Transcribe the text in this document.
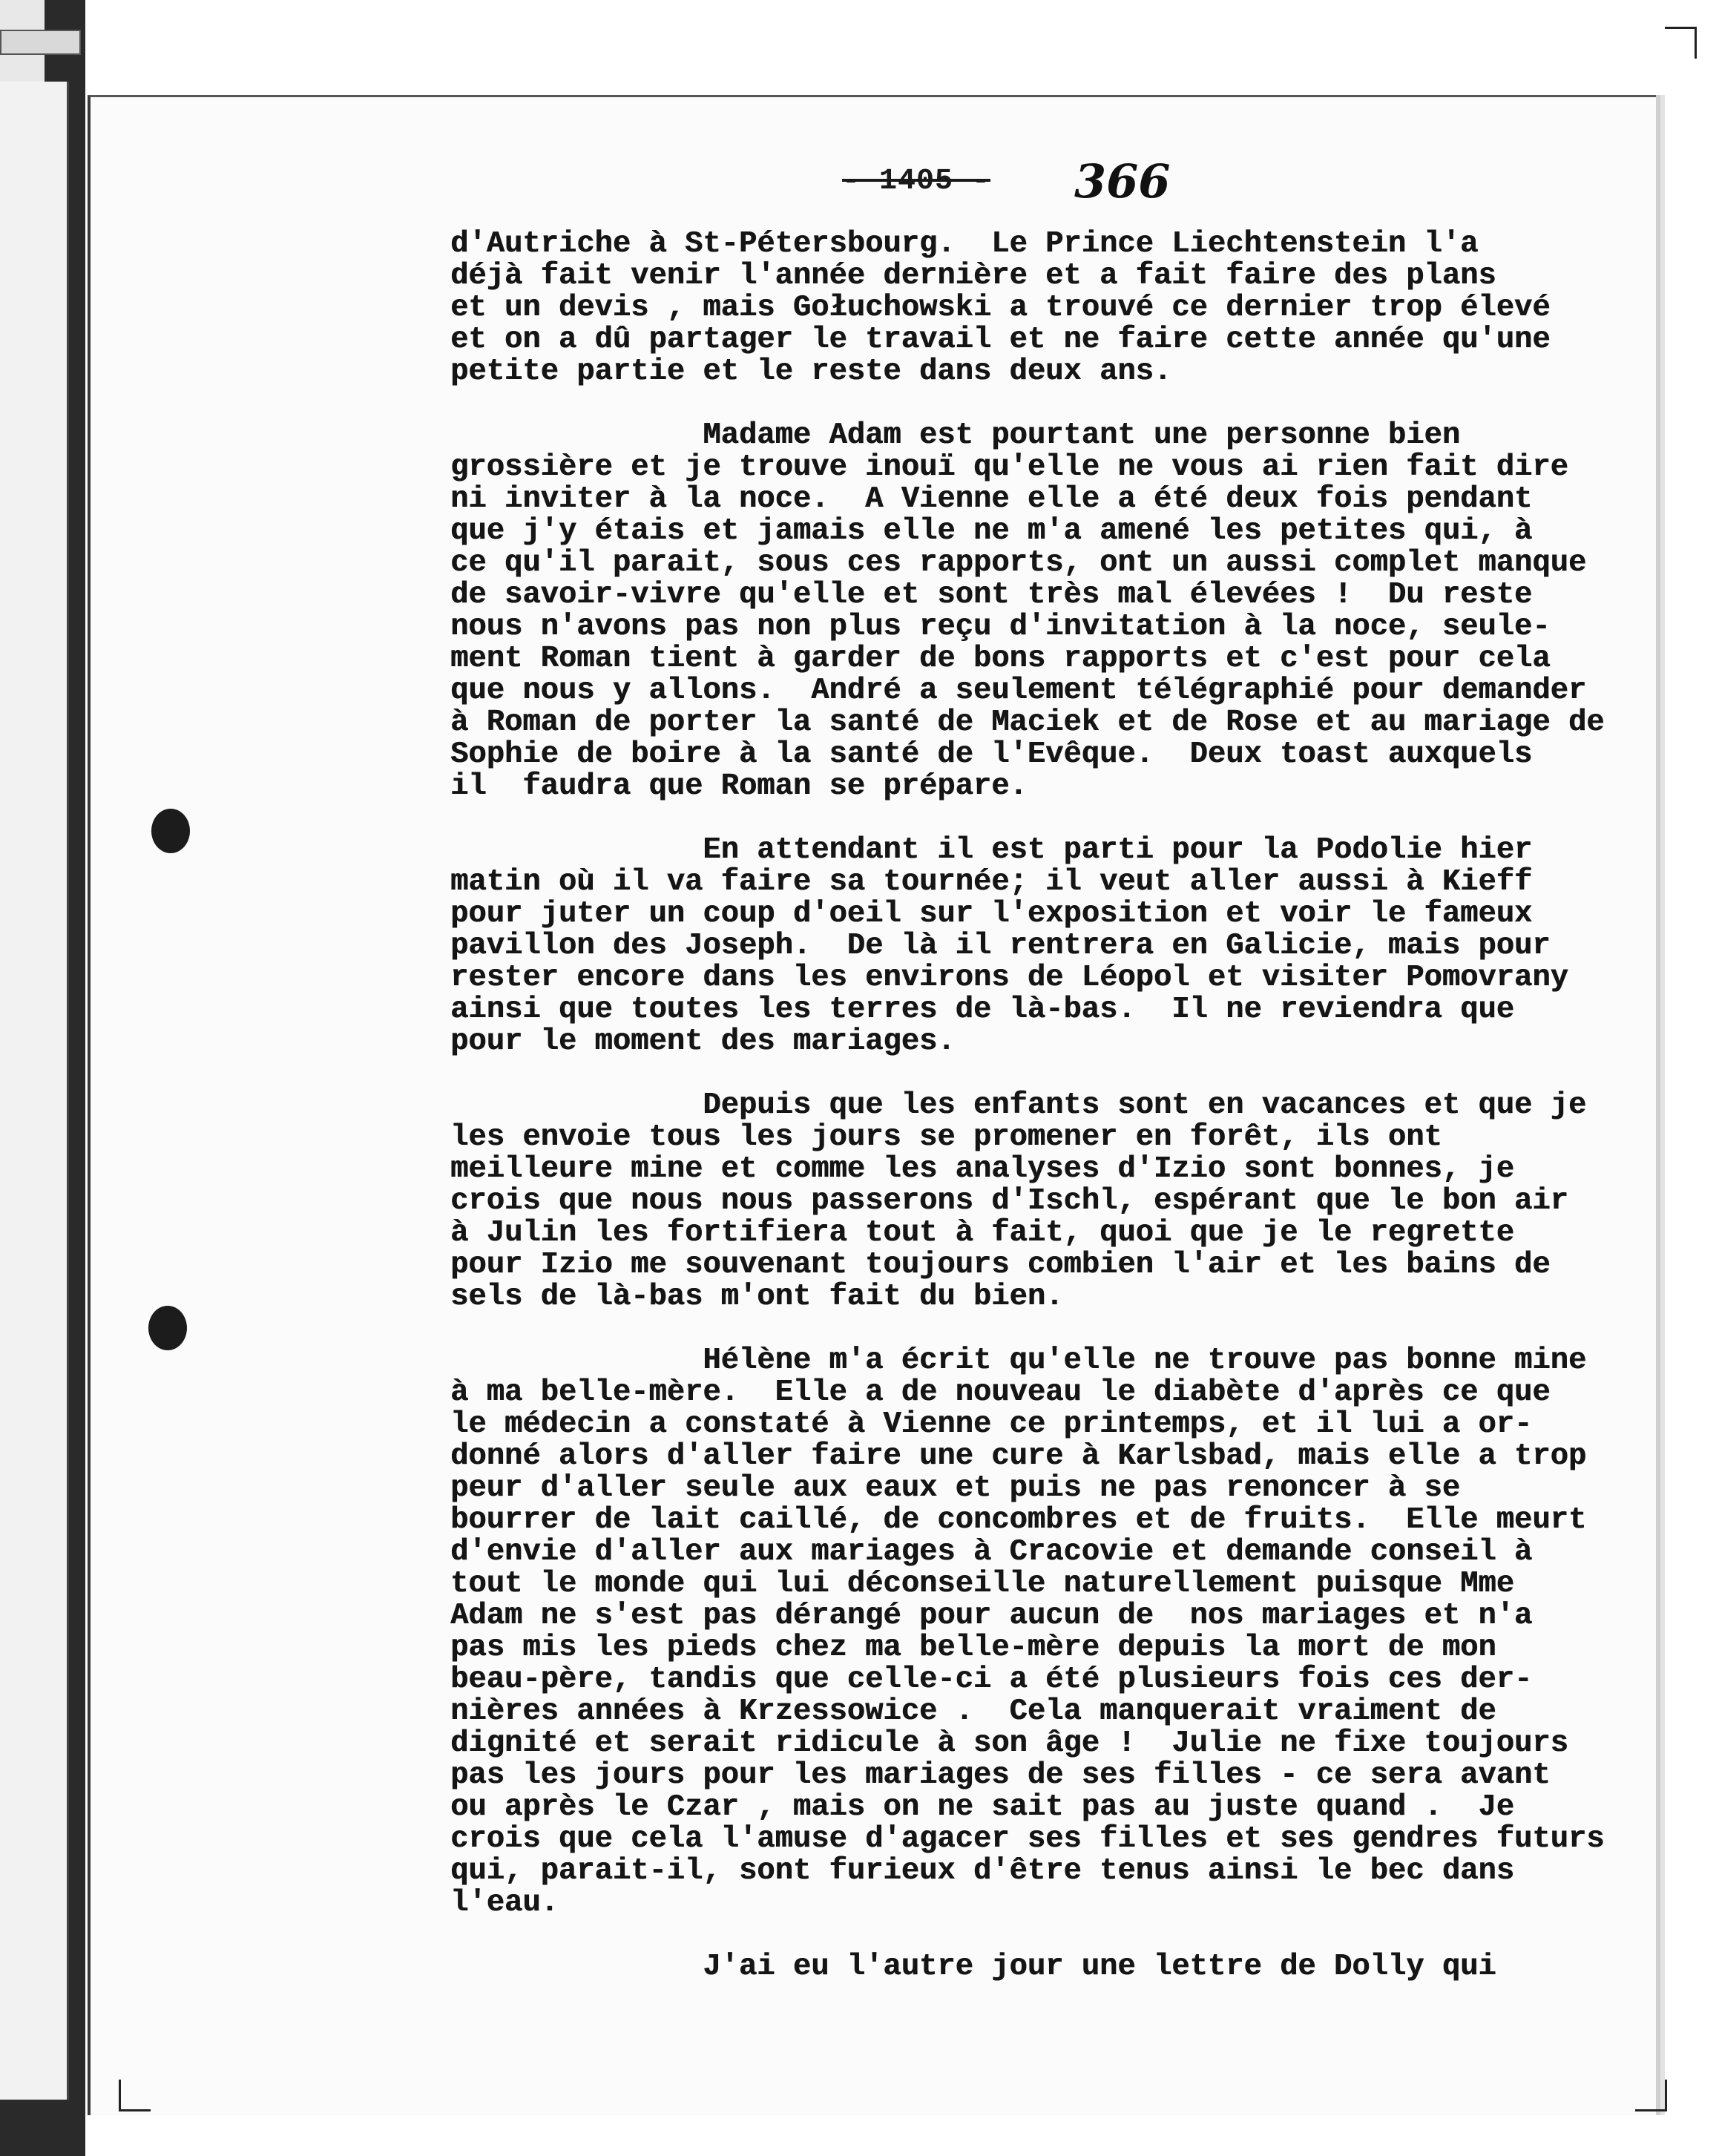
- 1405 - 366
d'Autriche à St-Pétersbourg.  Le Prince Liechtenstein l'a
déjà fait venir l'année dernière et a fait faire des plans
et un devis , mais Gołuchowski a trouvé ce dernier trop élevé
et on a dû partager le travail et ne faire cette année qu'une
petite partie et le reste dans deux ans.
Madame Adam est pourtant une personne bien
grossière et je trouve inouï qu'elle ne vous ai rien fait dire
ni inviter à la noce.  A Vienne elle a été deux fois pendant
que j'y étais et jamais elle ne m'a amené les petites qui, à
ce qu'il parait, sous ces rapports, ont un aussi complet manque
de savoir-vivre qu'elle et sont très mal élevées !  Du reste
nous n'avons pas non plus reçu d'invitation à la noce, seule-
ment Roman tient à garder de bons rapports et c'est pour cela
que nous y allons.  André a seulement télégraphié pour demander
à Roman de porter la santé de Maciek et de Rose et au mariage de
Sophie de boire à la santé de l'Evêque.  Deux toast auxquels
il  faudra que Roman se prépare.
En attendant il est parti pour la Podolie hier
matin où il va faire sa tournée; il veut aller aussi à Kieff
pour juter un coup d'oeil sur l'exposition et voir le fameux
pavillon des Joseph.  De là il rentrera en Galicie, mais pour
rester encore dans les environs de Léopol et visiter Pomovrany
ainsi que toutes les terres de là-bas.  Il ne reviendra que
pour le moment des mariages.
Depuis que les enfants sont en vacances et que je
les envoie tous les jours se promener en forêt, ils ont
meilleure mine et comme les analyses d'Izio sont bonnes, je
crois que nous nous passerons d'Ischl, espérant que le bon air
à Julin les fortifiera tout à fait, quoi que je le regrette
pour Izio me souvenant toujours combien l'air et les bains de
sels de là-bas m'ont fait du bien.
Hélène m'a écrit qu'elle ne trouve pas bonne mine
à ma belle-mère.  Elle a de nouveau le diabète d'après ce que
le médecin a constaté à Vienne ce printemps, et il lui a or-
donné alors d'aller faire une cure à Karlsbad, mais elle a trop
peur d'aller seule aux eaux et puis ne pas renoncer à se
bourrer de lait caillé, de concombres et de fruits.  Elle meurt
d'envie d'aller aux mariages à Cracovie et demande conseil à
tout le monde qui lui déconseille naturellement puisque Mme
Adam ne s'est pas dérangé pour aucun de  nos mariages et n'a
pas mis les pieds chez ma belle-mère depuis la mort de mon
beau-père, tandis que celle-ci a été plusieurs fois ces der-
nières années à Krzessowice .  Cela manquerait vraiment de
dignité et serait ridicule à son âge !  Julie ne fixe toujours
pas les jours pour les mariages de ses filles - ce sera avant
ou après le Czar , mais on ne sait pas au juste quand .  Je
crois que cela l'amuse d'agacer ses filles et ses gendres futurs
qui, parait-il, sont furieux d'être tenus ainsi le bec dans
l'eau.
J'ai eu l'autre jour une lettre de Dolly qui
